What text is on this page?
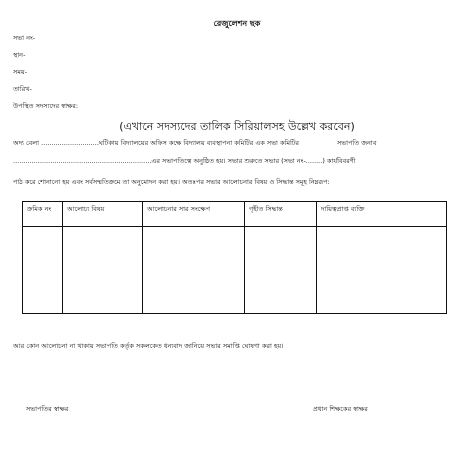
রেজুলেশন ছক
সভা নং-
স্থান-
সময়-
তারিখ-
উপস্থিত সদস্যদের স্বাক্ষর:
(এখানে সদস্যদের তালিক সিরিয়ালসহ উল্লেখ করবেন)
অদ্য বেলা ............................ঘটিকায় বিদ্যালয়ের অফিস কক্ষে বিদ্যালয় ব্যবস্থাপনা কমিটির এক সভা কমিটির	সভাপতি জনাব
...................................................................এর সভাপতিত্বে অনুষ্ঠিত হয়। সভার শুরুতে সভার (সভা নং-........) কার্যবিবরণী
পাঠ করে শোনানো হয় এবং সর্বসম্মতিক্রমে তা অনুমোদন করা হয়। অতঃপর সভার আলোচনার বিষয় ও সিদ্ধান্ত সমূহ নিম্নরূপ:
ক্রমিক নং	আলোচ্য বিষয়	আলোচনার সার সংক্ষেপ	গৃহীত সিদ্ধান্ত	দায়িত্বপ্রাপ্ত ব্যক্তি

আর কোন আলোচনা না থাকায় সভাপতি কর্তৃক সকলকেত ধন্যবাদ জানিয়ে সভার সমাপ্তি ঘোষণা করা হয়।
সভাপতির স্বাক্ষর	প্রধান শিক্ষকের স্বাক্ষর
